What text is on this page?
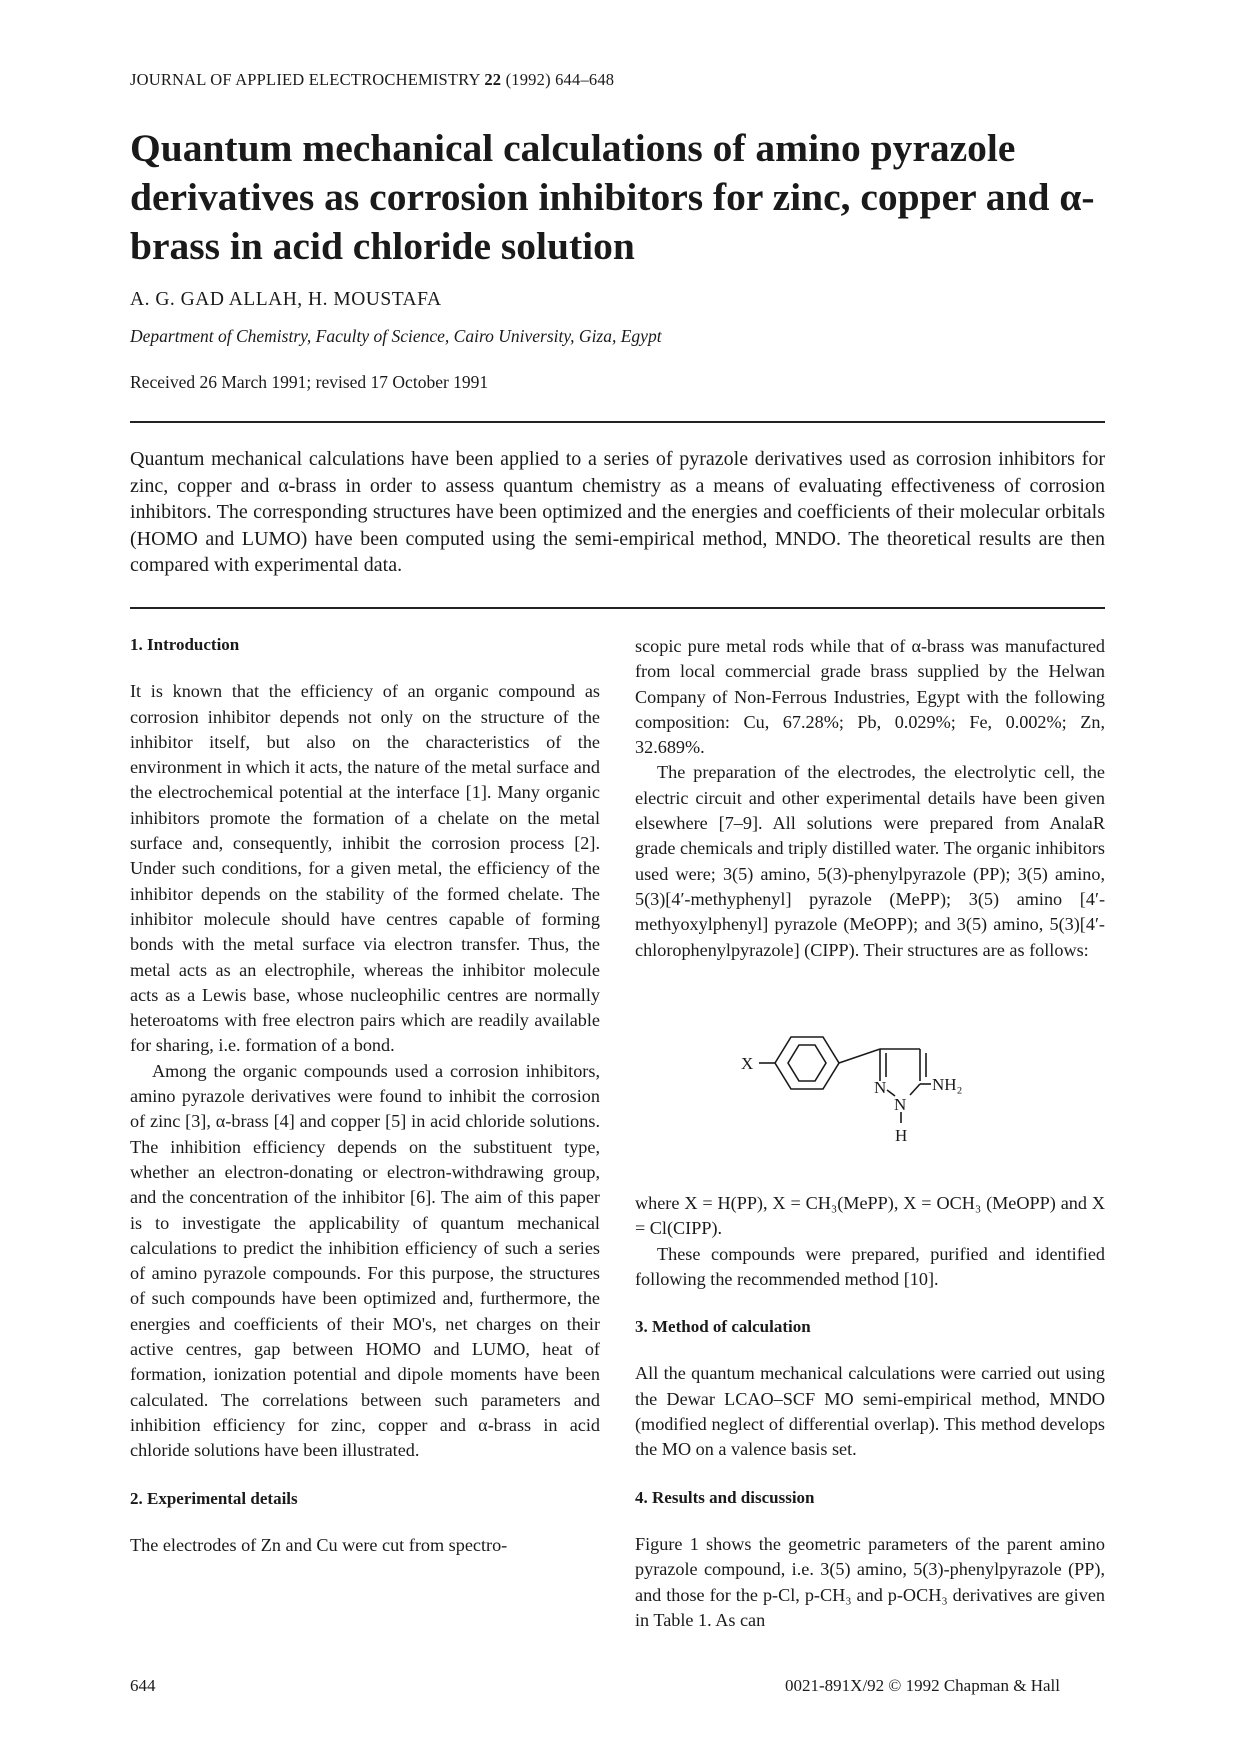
JOURNAL OF APPLIED ELECTROCHEMISTRY 22 (1992) 644–648
Quantum mechanical calculations of amino pyrazole derivatives as corrosion inhibitors for zinc, copper and α-brass in acid chloride solution
A. G. GAD ALLAH, H. MOUSTAFA
Department of Chemistry, Faculty of Science, Cairo University, Giza, Egypt
Received 26 March 1991; revised 17 October 1991

Quantum mechanical calculations have been applied to a series of pyrazole derivatives used as corrosion inhibitors for zinc, copper and α-brass in order to assess quantum chemistry as a means of evaluating effectiveness of corrosion inhibitors. The corresponding structures have been optimized and the energies and coefficients of their molecular orbitals (HOMO and LUMO) have been computed using the semi-empirical method, MNDO. The theoretical results are then compared with experimental data.

1. Introduction

It is known that the efficiency of an organic compound as corrosion inhibitor depends not only on the structure of the inhibitor itself, but also on the characteristics of the environment in which it acts, the nature of the metal surface and the electrochemical potential at the interface [1]. Many organic inhibitors promote the formation of a chelate on the metal surface and, consequently, inhibit the corrosion process [2]. Under such conditions, for a given metal, the efficiency of the inhibitor depends on the stability of the formed chelate. The inhibitor molecule should have centres capable of forming bonds with the metal surface via electron transfer. Thus, the metal acts as an electrophile, whereas the inhibitor molecule acts as a Lewis base, whose nucleophilic centres are normally heteroatoms with free electron pairs which are readily available for sharing, i.e. formation of a bond.

Among the organic compounds used a corrosion inhibitors, amino pyrazole derivatives were found to inhibit the corrosion of zinc [3], α-brass [4] and copper [5] in acid chloride solutions. The inhibition efficiency depends on the substituent type, whether an electron-donating or electron-withdrawing group, and the concentration of the inhibitor [6]. The aim of this paper is to investigate the applicability of quantum mechanical calculations to predict the inhibition efficiency of such a series of amino pyrazole compounds. For this purpose, the structures of such compounds have been optimized and, furthermore, the energies and coefficients of their MO's, net charges on their active centres, gap between HOMO and LUMO, heat of formation, ionization potential and dipole moments have been calculated. The correlations between such parameters and inhibition efficiency for zinc, copper and α-brass in acid chloride solutions have been illustrated.

2. Experimental details

The electrodes of Zn and Cu were cut from spectro-

scopic pure metal rods while that of α-brass was manufactured from local commercial grade brass supplied by the Helwan Company of Non-Ferrous Industries, Egypt with the following composition: Cu, 67.28%; Pb, 0.029%; Fe, 0.002%; Zn, 32.689%.

The preparation of the electrodes, the electrolytic cell, the electric circuit and other experimental details have been given elsewhere [7–9]. All solutions were prepared from AnalaR grade chemicals and triply distilled water. The organic inhibitors used were; 3(5) amino, 5(3)-phenylpyrazole (PP); 3(5) amino, 5(3)[4′-methyphenyl] pyrazole (MePP); 3(5) amino [4′-methyoxylphenyl] pyrazole (MeOPP); and 3(5) amino, 5(3)[4′-chlorophenylpyrazole] (CIPP). Their structures are as follows:

X
N
N
NH₂
H

where X = H(PP), X = CH₃(MePP), X = OCH₃ (MeOPP) and X = Cl(CIPP).

These compounds were prepared, purified and identified following the recommended method [10].

3. Method of calculation

All the quantum mechanical calculations were carried out using the Dewar LCAO–SCF MO semi-empirical method, MNDO (modified neglect of differential overlap). This method develops the MO on a valence basis set.

4. Results and discussion

Figure 1 shows the geometric parameters of the parent amino pyrazole compound, i.e. 3(5) amino, 5(3)-phenylpyrazole (PP), and those for the p-Cl, p-CH₃ and p-OCH₃ derivatives are given in Table 1. As can

644	0021-891X/92 © 1992 Chapman & Hall
